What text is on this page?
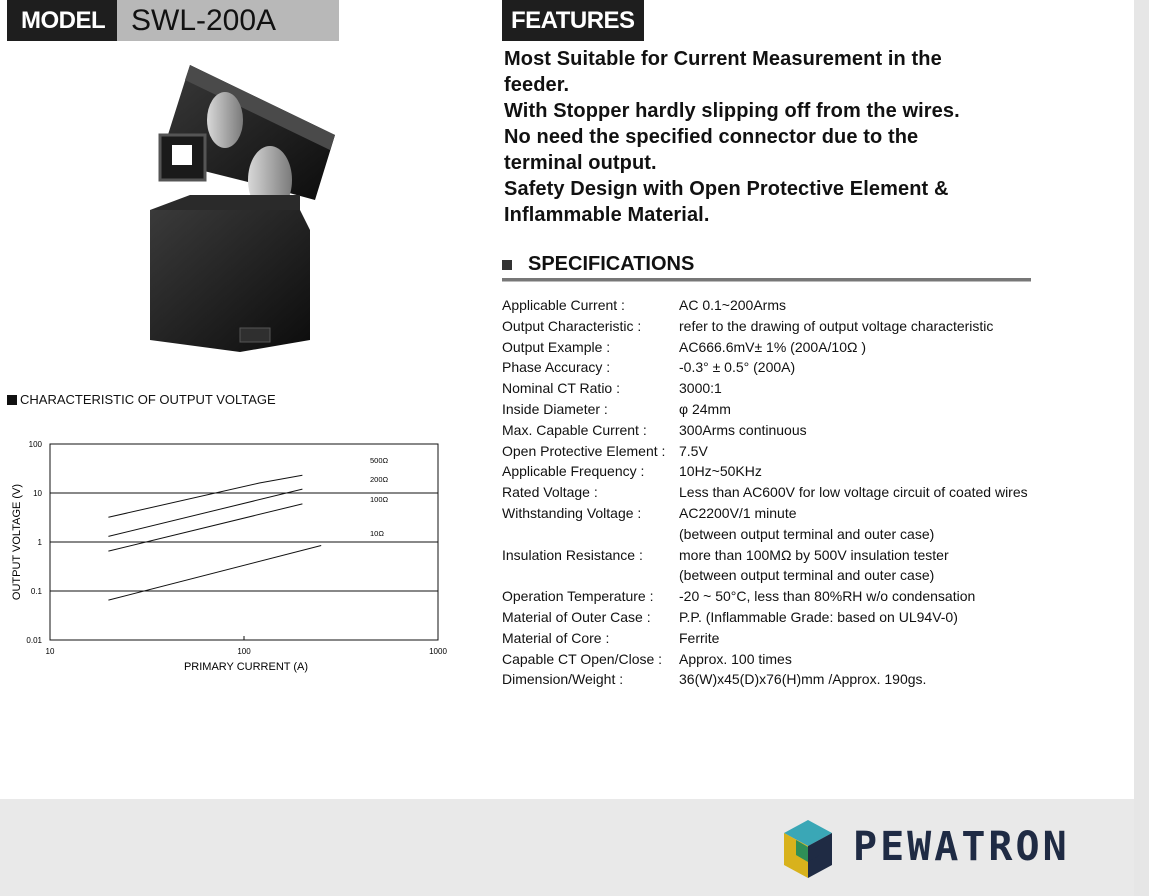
MODEL SWL-200A	FEATURES
Most Suitable for Current Measurement in the
feeder.
With Stopper hardly slipping off from the wires.
No need the specified connector due to the
terminal output.
Safety Design with Open Protective Element &
Inflammable Material.
SPECIFICATIONS
Applicable Current :	AC 0.1~200Arms
Output Characteristic :	refer to the drawing of output voltage characteristic
Output Example :	AC666.6mV± 1% (200A/10Ω )
Phase Accuracy :	-0.3° ± 0.5° (200A)
Nominal CT Ratio :	3000:1
Inside Diameter :	φ 24mm
Max. Capable Current :	300Arms continuous
Open Protective Element : 7.5V
Applicable Frequency :	10Hz~50KHz
Rated Voltage :	Less than AC600V for low voltage circuit of coated wires
Withstanding Voltage :	AC2200V/1 minute
(between output terminal and outer case)
Insulation Resistance :	more than 100MΩ by 500V insulation tester
(between output terminal and outer case)
Operation Temperature :	-20 ~ 50°C, less than 80%RH w/o condensation
Material of Outer Case :	P.P. (Inflammable Grade: based on UL94V-0)
Material of Core :	Ferrite
Capable CT Open/Close :	Approx. 100 times
Dimension/Weight :	36(W)x45(D)x76(H)mm /Approx. 190gs.
CHARACTERISTIC OF OUTPUT VOLTAGE
100
10
1
0.1
0.01
10	100	1000
500Ω
200Ω
100Ω
10Ω
PRIMARY CURRENT (A)
OUTPUT VOLTAGE (V)
PEWATRON
